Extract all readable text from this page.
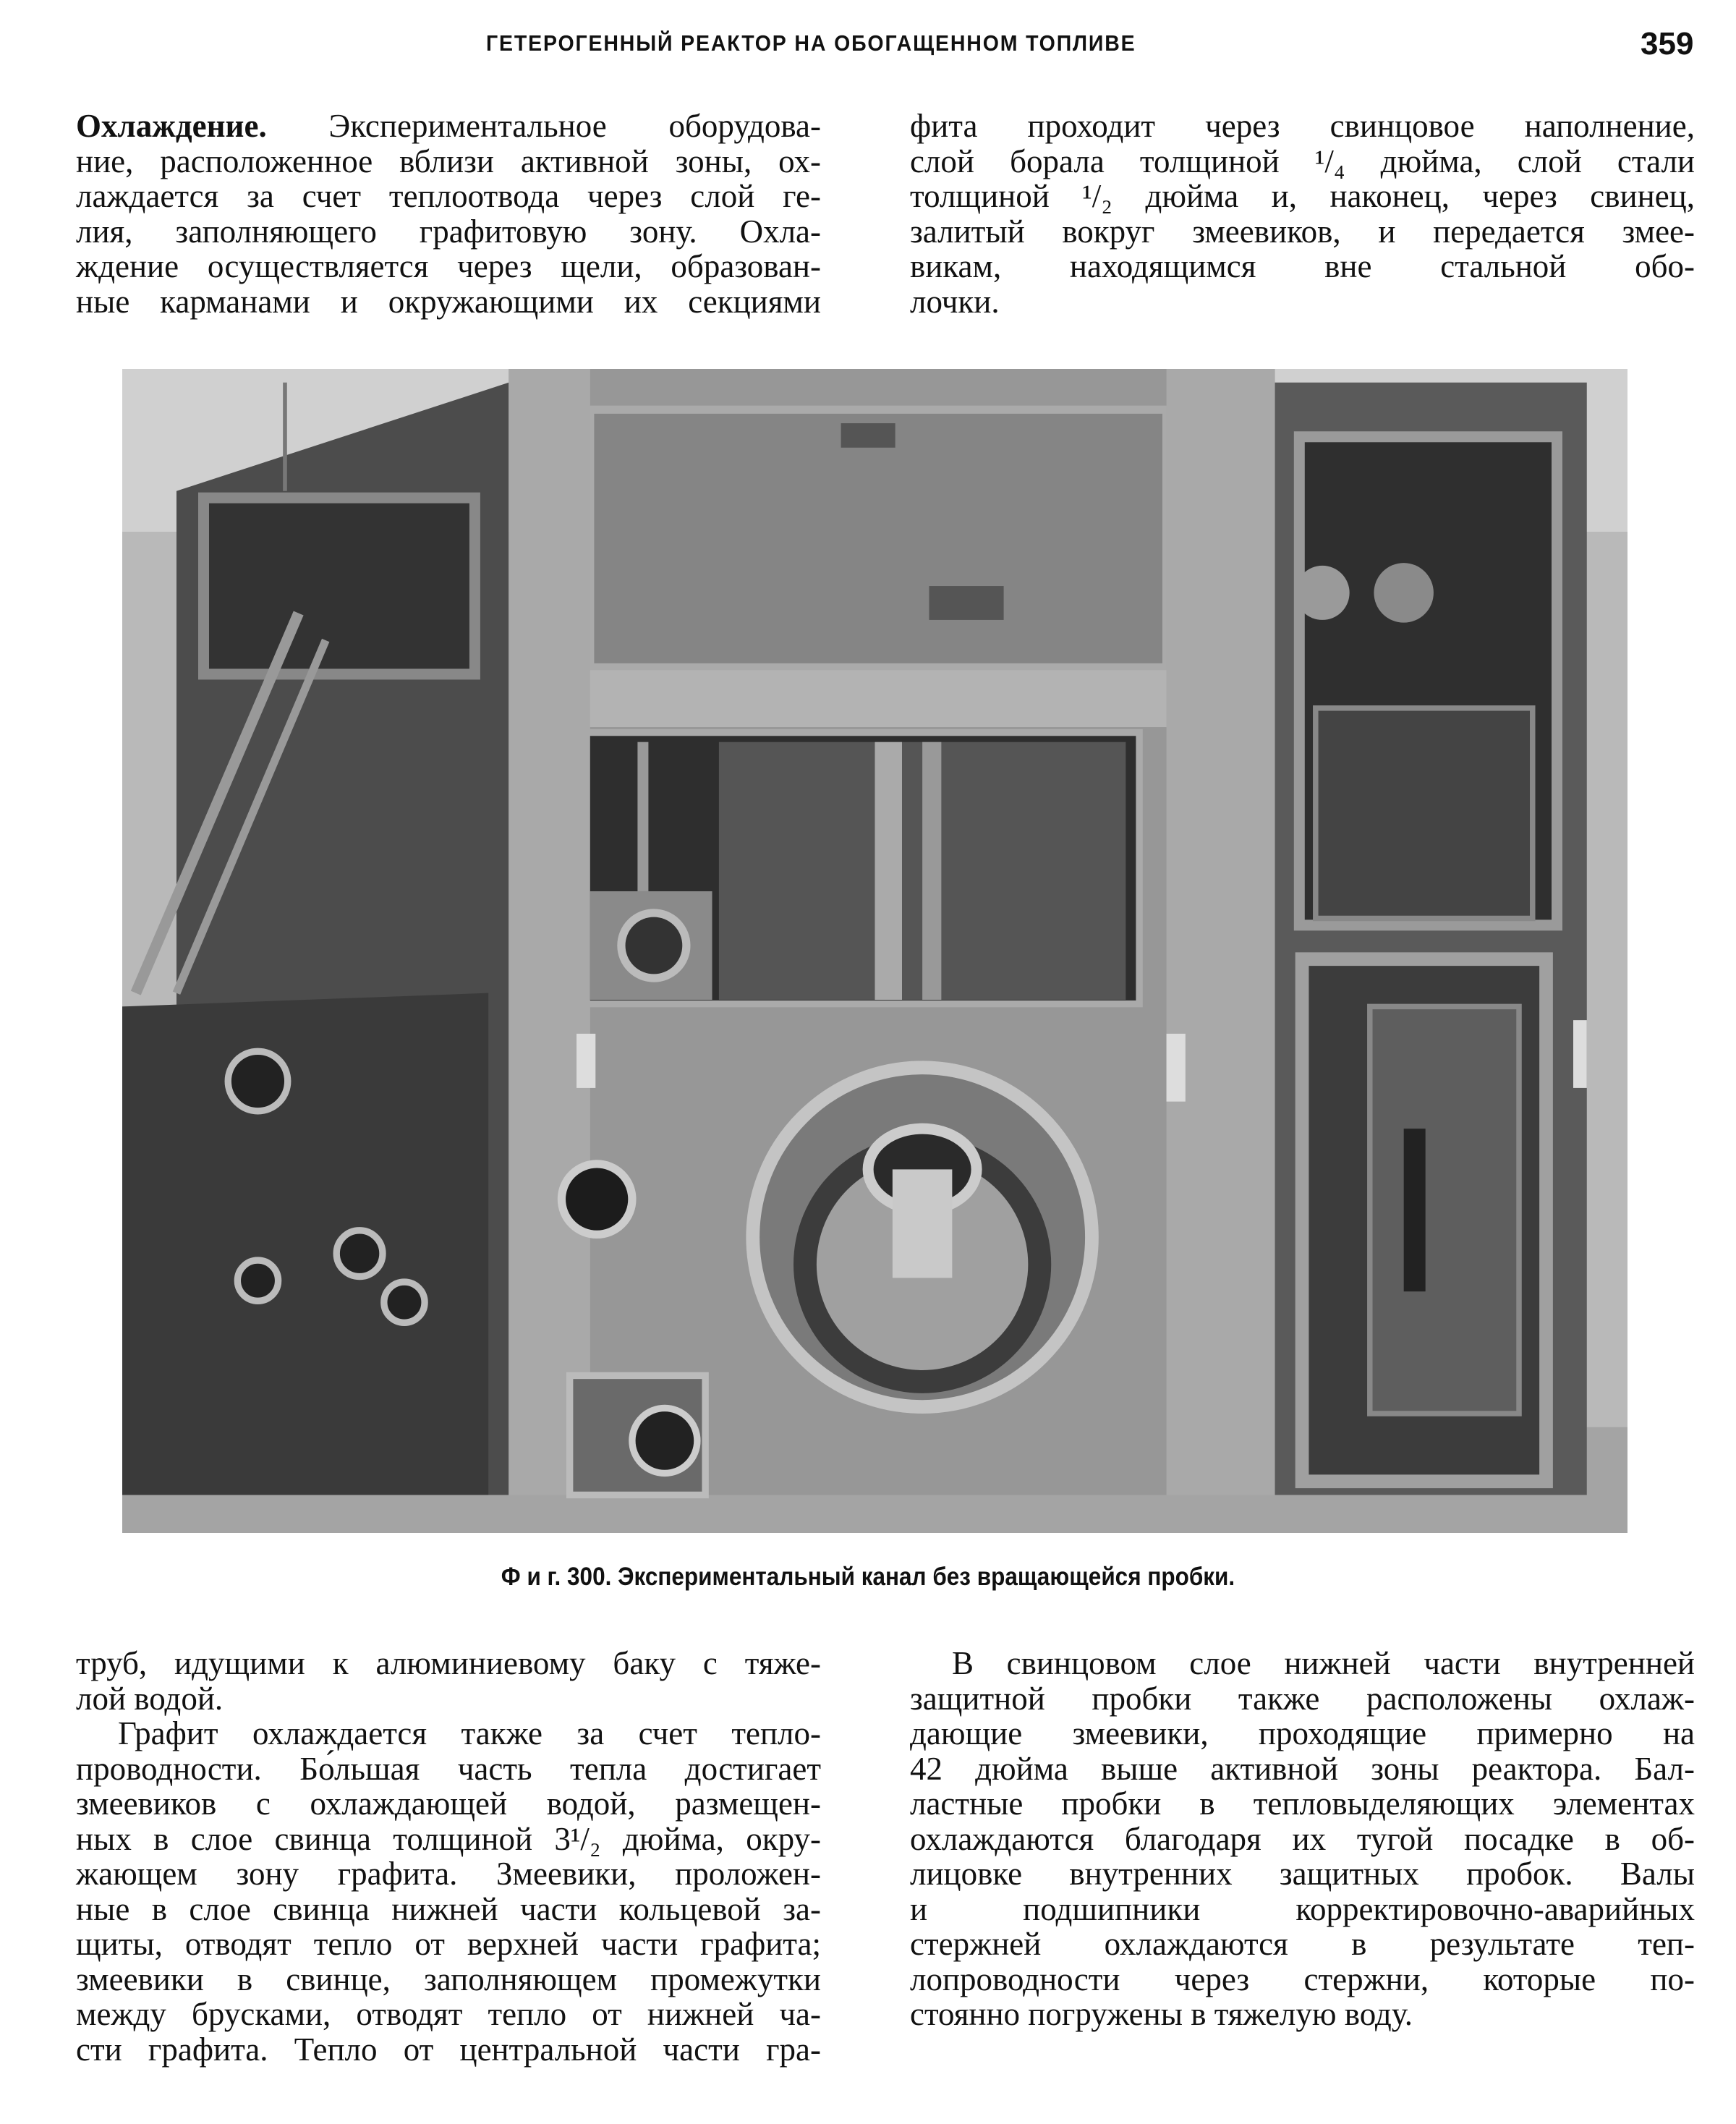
ГЕТЕРОГЕННЫЙ РЕАКТОР НА ОБОГАЩЕННОМ ТОПЛИВЕ	359
Охлаждение. Экспериментальное оборудова-
ние, расположенное вблизи активной зоны, ох-
лаждается за счет теплоотвода через слой ге-
лия, заполняющего графитовую зону. Охла-
ждение осуществляется через щели, образован-
ные карманами и окружающими их секциями
фита проходит через свинцовое наполнение,
слой борала толщиной ¹/₄ дюйма, слой стали
толщиной ¹/₂ дюйма и, наконец, через свинец,
залитый вокруг змеевиков, и передается змее-
викам, находящимся вне стальной обо-
лочки.
Ф и г. 300. Экспериментальный канал без вращающейся пробки.
труб, идущими к алюминиевому баку с тяже-
лой водой.
Графит охлаждается также за счет тепло-
проводности. Бо́льшая часть тепла достигает
змеевиков с охлаждающей водой, размещен-
ных в слое свинца толщиной 3¹/₂ дюйма, окру-
жающем зону графита. Змеевики, проложен-
ные в слое свинца нижней части кольцевой за-
щиты, отводят тепло от верхней части графита;
змеевики в свинце, заполняющем промежутки
между брусками, отводят тепло от нижней ча-
сти графита. Тепло от центральной части гра-
В свинцовом слое нижней части внутренней
защитной пробки также расположены охлаж-
дающие змеевики, проходящие примерно на
42 дюйма выше активной зоны реактора. Бал-
ластные пробки в тепловыделяющих элементах
охлаждаются благодаря их тугой посадке в об-
лицовке внутренних защитных пробок. Валы
и подшипники корректировочно-аварийных
стержней охлаждаются в результате теп-
лопроводности через стержни, которые по-
стоянно погружены в тяжелую воду.
